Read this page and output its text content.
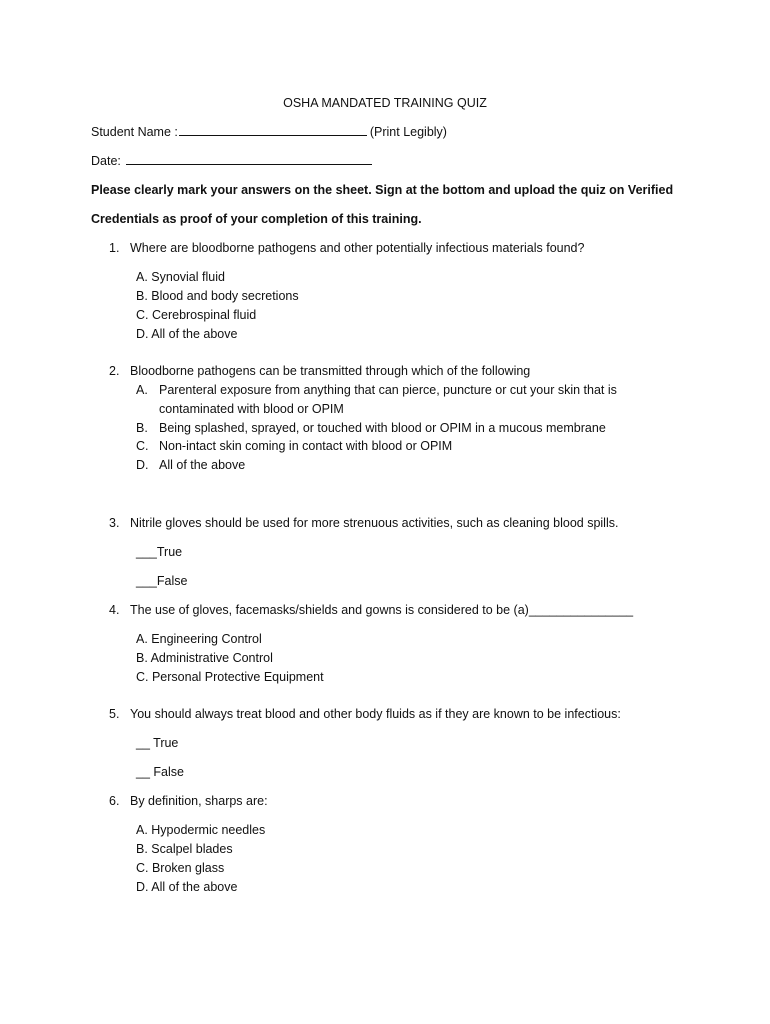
OSHA MANDATED TRAINING QUIZ
Student Name :	(Print Legibly)
Date:
Please clearly mark your answers on the sheet. Sign at the bottom and upload the quiz on Verified
Credentials as proof of your completion of this training.
1. Where are bloodborne pathogens and other potentially infectious materials found?
A. Synovial fluid
B. Blood and body secretions
C. Cerebrospinal fluid
D. All of the above
2. Bloodborne pathogens can be transmitted through which of the following
A. Parenteral exposure from anything that can pierce, puncture or cut your skin that is
contaminated with blood or OPIM
B. Being splashed, sprayed, or touched with blood or OPIM in a mucous membrane
C. Non-intact skin coming in contact with blood or OPIM
D. All of the above
3. Nitrile gloves should be used for more strenuous activities, such as cleaning blood spills.
___True
___False
4. The use of gloves, facemasks/shields and gowns is considered to be (a)_______________
A. Engineering Control
B. Administrative Control
C. Personal Protective Equipment
5. You should always treat blood and other body fluids as if they are known to be infectious:
__ True
__ False
6. By definition, sharps are:
A. Hypodermic needles
B. Scalpel blades
C. Broken glass
D. All of the above
